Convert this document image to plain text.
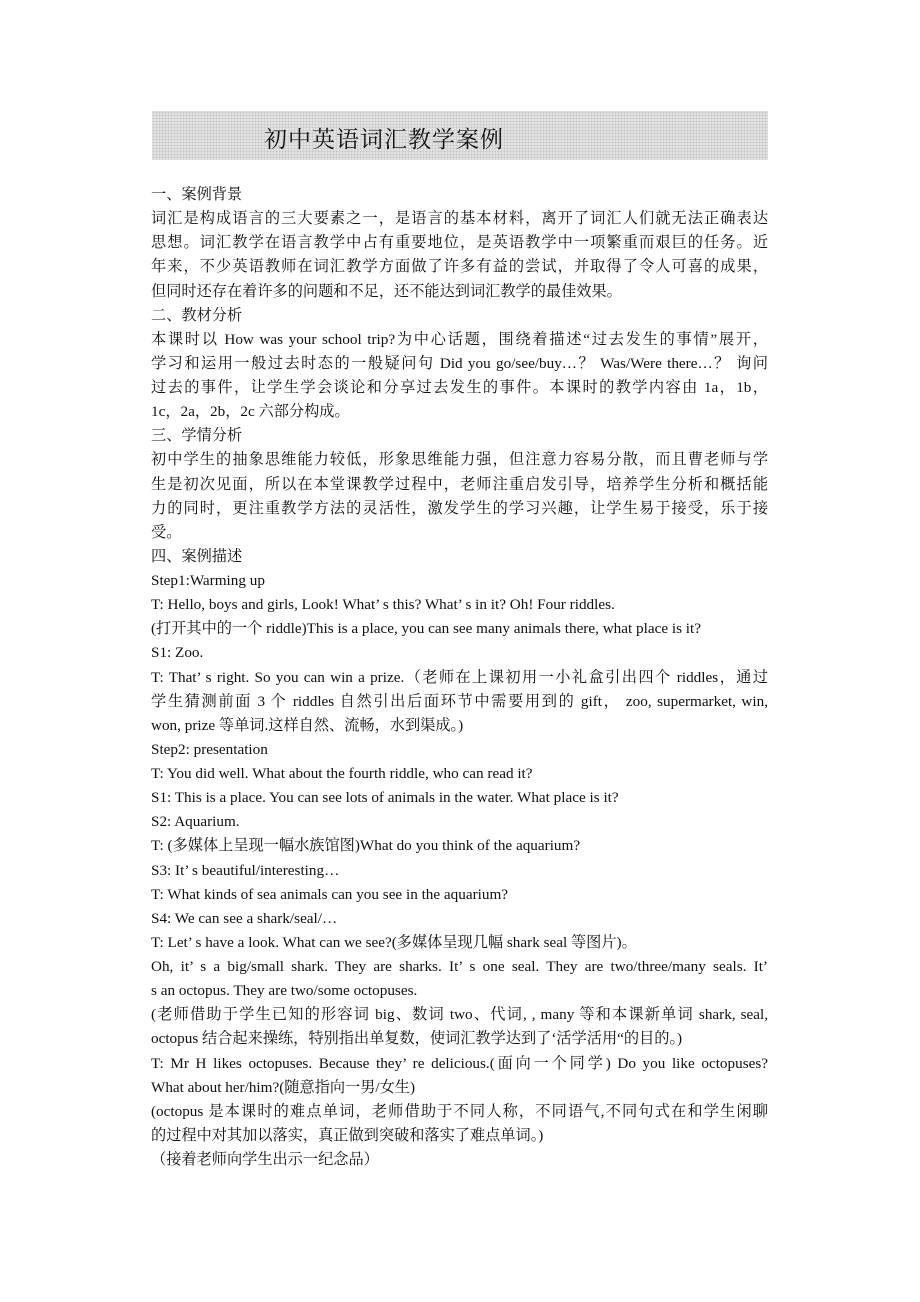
初中英语词汇教学案例
一、案例背景
词汇是构成语言的三大要素之一，是语言的基本材料，离开了词汇人们就无法正确表达
思想。词汇教学在语言教学中占有重要地位，是英语教学中一项繁重而艰巨的任务。近
年来，不少英语教师在词汇教学方面做了许多有益的尝试，并取得了令人可喜的成果，
但同时还存在着许多的问题和不足，还不能达到词汇教学的最佳效果。
二、教材分析
本课时以 How was your school trip?为中心话题，围绕着描述“过去发生的事情”展开，
学习和运用一般过去时态的一般疑问句 Did you go/see/buy…？ Was/Were there…？ 询问
过去的事件，让学生学会谈论和分享过去发生的事件。本课时的教学内容由 1a，1b，
1c，2a，2b，2c 六部分构成。
三、学情分析
初中学生的抽象思维能力较低，形象思维能力强，但注意力容易分散，而且曹老师与学
生是初次见面，所以在本堂课教学过程中，老师注重启发引导，培养学生分析和概括能
力的同时，更注重教学方法的灵活性，激发学生的学习兴趣，让学生易于接受，乐于接
受。
四、案例描述
Step1:Warming up
T: Hello, boys and girls, Look! What’ s this? What’ s in it? Oh! Four riddles.
(打开其中的一个 riddle)This is a place, you can see many animals there, what place is it?
S1: Zoo.
T: That’ s right. So you can win a prize.（老师在上课初用一小礼盒引出四个 riddles，通过
学生猜测前面 3 个 riddles 自然引出后面环节中需要用到的 gift， zoo, supermarket, win,
won, prize 等单词.这样自然、流畅，水到渠成。)
Step2: presentation
T: You did well. What about the fourth riddle, who can read it?
S1: This is a place. You can see lots of animals in the water. What place is it?
S2: Aquarium.
T: (多媒体上呈现一幅水族馆图)What do you think of the aquarium?
S3: It’ s beautiful/interesting…
T: What kinds of sea animals can you see in the aquarium?
S4: We can see a shark/seal/…
T: Let’ s have a look. What can we see?(多媒体呈现几幅 shark seal 等图片)。
Oh, it’ s a big/small shark. They are sharks. It’ s one seal. They are two/three/many seals. It’
s an octopus. They are two/some octopuses.
(老师借助于学生已知的形容词 big、数词 two、代词, , many 等和本课新单词 shark, seal,
octopus 结合起来操练，特别指出单复数，使词汇教学达到了‘活学活用“的目的。)
T: Mr H likes octopuses. Because they’ re delicious.(面向一个同学) Do you like octopuses?
What about her/him?(随意指向一男/女生)
(octopus 是本课时的难点单词，老师借助于不同人称，不同语气,不同句式在和学生闲聊
的过程中对其加以落实，真正做到突破和落实了难点单词。)
（接着老师向学生出示一纪念品）
